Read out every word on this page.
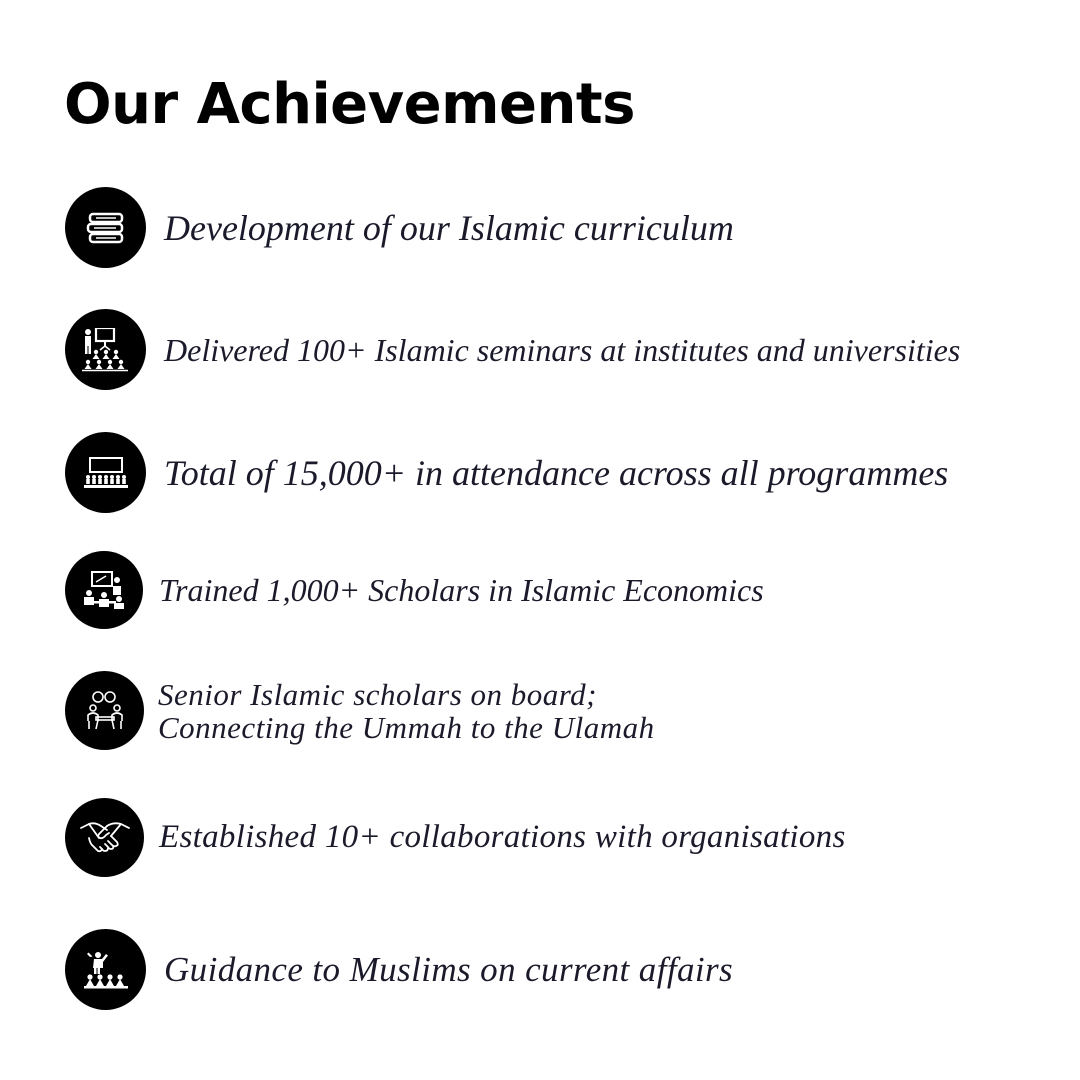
Our Achievements
Development of our Islamic curriculum
Delivered 100+ Islamic seminars at institutes and universities
Total of 15,000+ in attendance across all programmes
Trained 1,000+ Scholars in Islamic Economics
Senior Islamic scholars on board;
Connecting the Ummah to the Ulamah
Established 10+ collaborations with organisations
Guidance to Muslims on current affairs
